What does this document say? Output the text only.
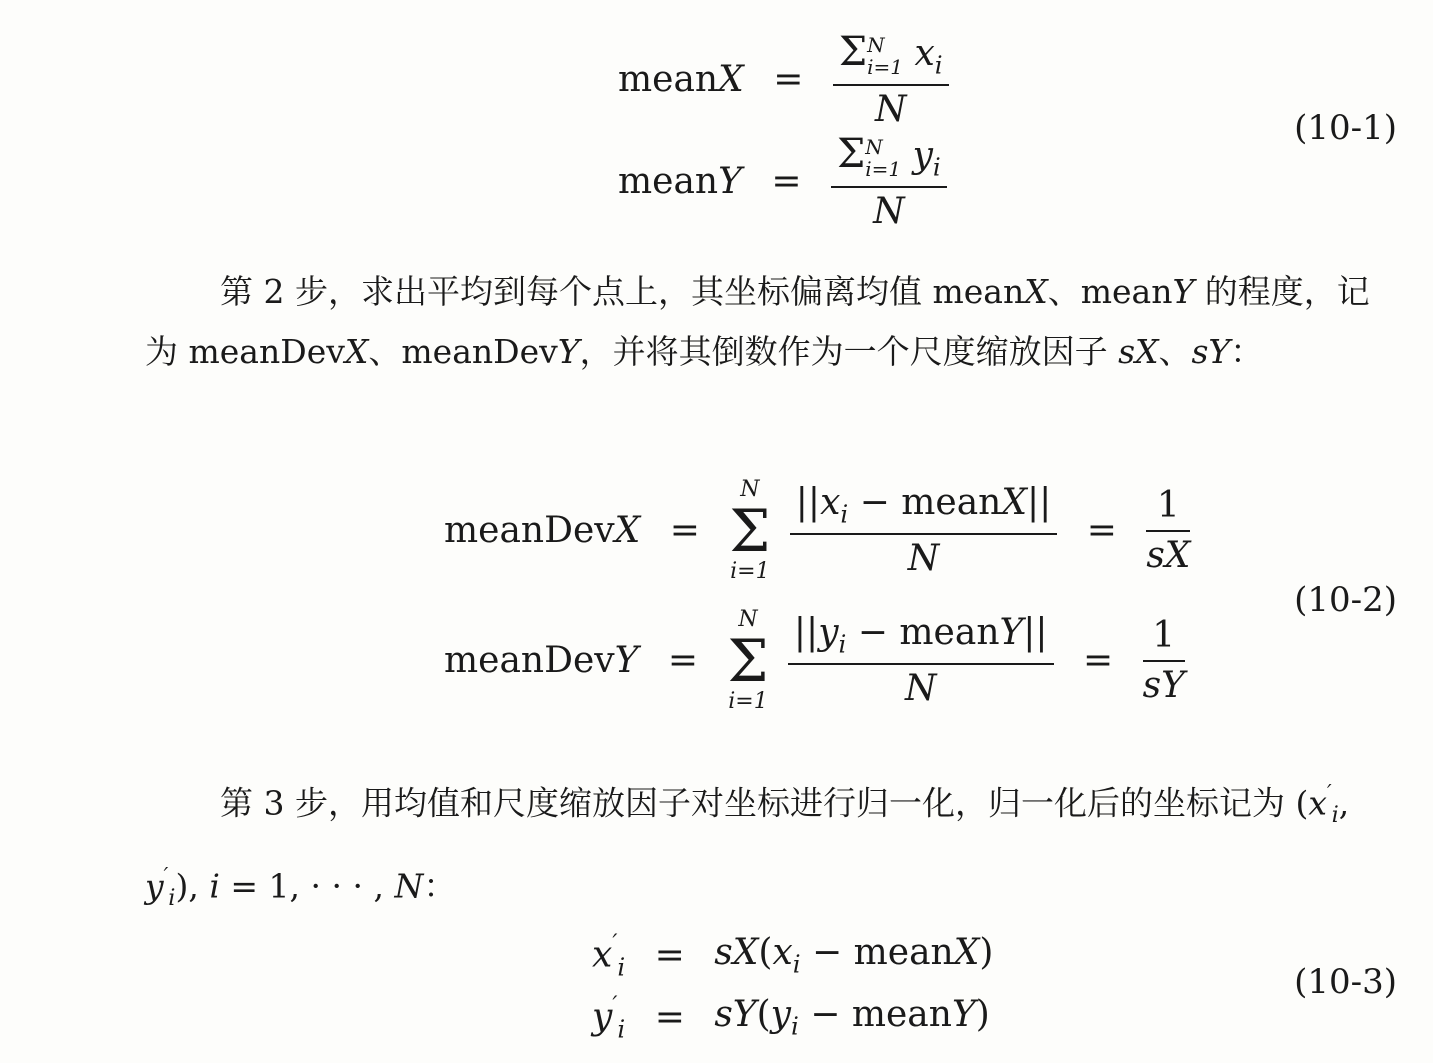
meanX = Σ N
i=1 $x_i$
N
meanY = Σ N
i=1 $y_i$
N
(10-1)
第 2 步，求出平均到每个点上，其坐标偏离均值 meanX、meanY 的程度，记为 meanDevX、meanDevY，并将其倒数作为一个尺度缩放因子 sX、sY：
meanDevX =
N
Σ
i=1
$\frac{||x_i - meanX||}{N} = \frac{1}{sX}$
meanDevY =
N
Σ
i=1
$\frac{||y_i - meanY||}{N} = \frac{1}{sY}$
(10-2)
第 3 步，用均值和尺度缩放因子对坐标进行归一化，归一化后的坐标记为 ($x'_i$, $y'_i$), i = 1, · · · , N：
$x'_i = sX(x_i$ − meanX)
$y'_i = sY(y_i$ − meanY)
(10-3)
